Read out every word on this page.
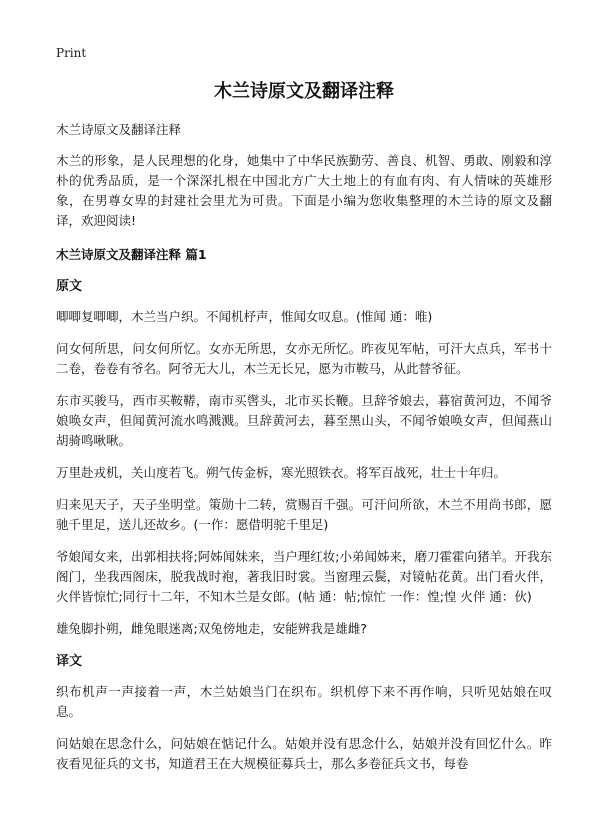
Print

木兰诗原文及翻译注释

木兰诗原文及翻译注释

木兰的形象，是人民理想的化身，她集中了中华民族勤劳、善良、机智、勇敢、刚毅和淳朴的优秀品质，是一个深深扎根在中国北方广大土地上的有血有肉、有人情味的英雄形象，在男尊女卑的封建社会里尤为可贵。下面是小编为您收集整理的木兰诗的原文及翻译，欢迎阅读!

木兰诗原文及翻译注释 篇1

原文

唧唧复唧唧，木兰当户织。不闻机杼声，惟闻女叹息。(惟闻 通：唯)

问女何所思，问女何所忆。女亦无所思，女亦无所忆。昨夜见军帖，可汗大点兵，军书十二卷，卷卷有爷名。阿爷无大儿，木兰无长兄，愿为市鞍马，从此替爷征。

东市买骏马，西市买鞍鞯，南市买辔头，北市买长鞭。旦辞爷娘去，暮宿黄河边，不闻爷娘唤女声，但闻黄河流水鸣溅溅。旦辞黄河去，暮至黑山头，不闻爷娘唤女声，但闻燕山胡骑鸣啾啾。

万里赴戎机，关山度若飞。朔气传金柝，寒光照铁衣。将军百战死，壮士十年归。

归来见天子，天子坐明堂。策勋十二转，赏赐百千强。可汗问所欲，木兰不用尚书郎，愿驰千里足，送儿还故乡。(一作：愿借明驼千里足)

爷娘闻女来，出郭相扶将;阿姊闻妹来，当户理红妆;小弟闻姊来，磨刀霍霍向猪羊。开我东阁门，坐我西阁床，脱我战时袍，著我旧时裳。当窗理云鬓，对镜帖花黄。出门看火伴，火伴皆惊忙;同行十二年，不知木兰是女郎。(帖 通：帖;惊忙 一作：惶;惶 火伴 通：伙)

雄兔脚扑朔，雌兔眼迷离;双兔傍地走，安能辨我是雄雌?

译文

织布机声一声接着一声，木兰姑娘当门在织布。织机停下来不再作响，只听见姑娘在叹息。

问姑娘在思念什么，问姑娘在惦记什么。姑娘并没有思念什么，姑娘并没有回忆什么。昨夜看见征兵的文书，知道君王在大规模征募兵士，那么多卷征兵文书，每卷
